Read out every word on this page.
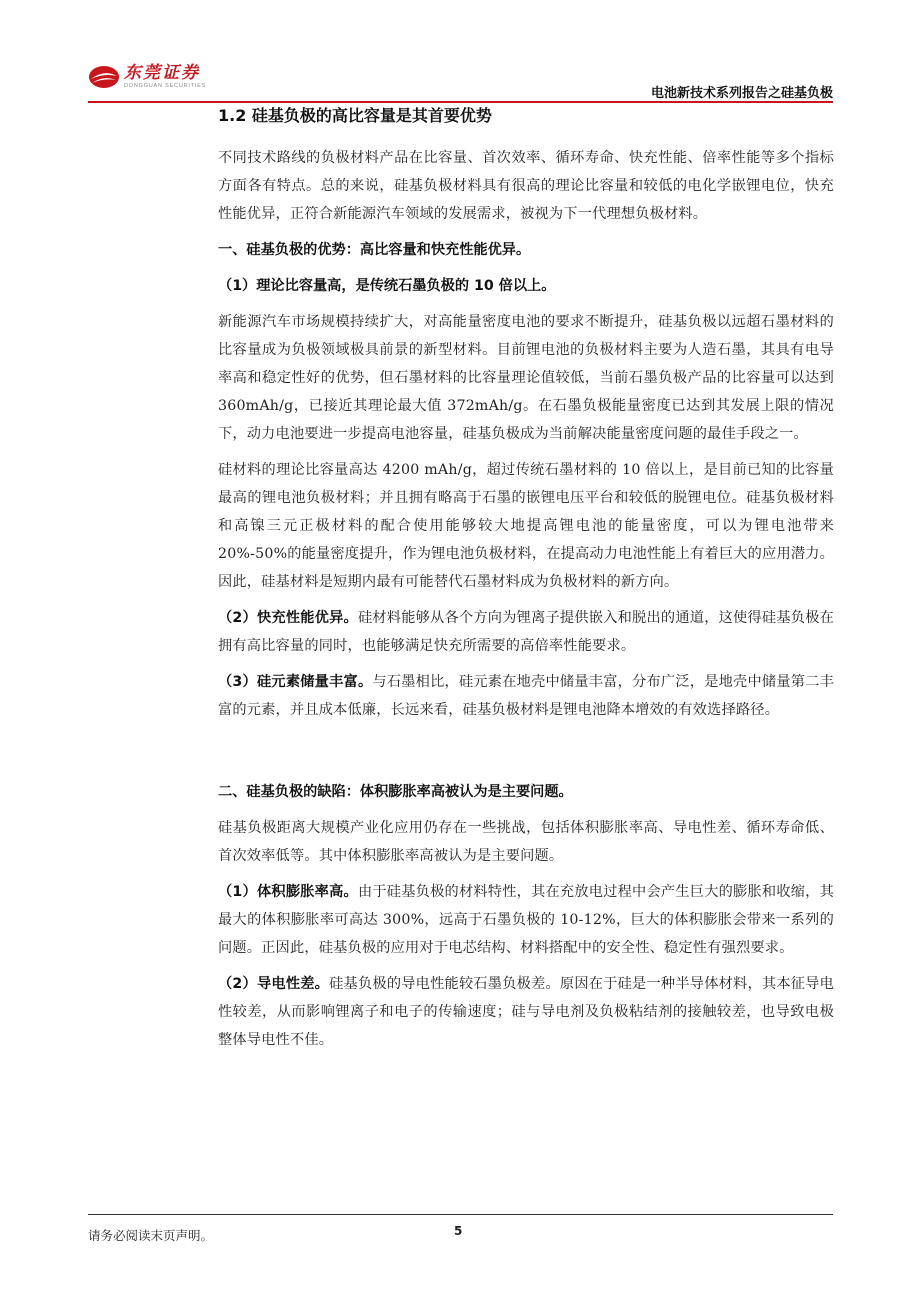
东莞证券
DONGGUAN SECURITIES	电池新技术系列报告之硅基负极
1.2 硅基负极的高比容量是其首要优势

不同技术路线的负极材料产品在比容量、首次效率、循环寿命、快充性能、倍率性能等多个指标方面各有特点。总的来说，硅基负极材料具有很高的理论比容量和较低的电化学嵌锂电位，快充性能优异，正符合新能源汽车领域的发展需求，被视为下一代理想负极材料。

一、硅基负极的优势：高比容量和快充性能优异。
（1）理论比容量高，是传统石墨负极的 10 倍以上。

新能源汽车市场规模持续扩大，对高能量密度电池的要求不断提升，硅基负极以远超石墨材料的比容量成为负极领域极具前景的新型材料。目前锂电池的负极材料主要为人造石墨，其具有电导率高和稳定性好的优势，但石墨材料的比容量理论值较低，当前石墨负极产品的比容量可以达到 360mAh/g，已接近其理论最大值 372mAh/g。在石墨负极能量密度已达到其发展上限的情况下，动力电池要进一步提高电池容量，硅基负极成为当前解决能量密度问题的最佳手段之一。

硅材料的理论比容量高达 4200 mAh/g，超过传统石墨材料的 10 倍以上，是目前已知的比容量最高的锂电池负极材料；并且拥有略高于石墨的嵌锂电压平台和较低的脱锂电位。硅基负极材料和高镍三元正极材料的配合使用能够较大地提高锂电池的能量密度，可以为锂电池带来 20%-50%的能量密度提升，作为锂电池负极材料，在提高动力电池性能上有着巨大的应用潜力。因此，硅基材料是短期内最有可能替代石墨材料成为负极材料的新方向。

（2）快充性能优异。硅材料能够从各个方向为锂离子提供嵌入和脱出的通道，这使得硅基负极在拥有高比容量的同时，也能够满足快充所需要的高倍率性能要求。

（3）硅元素储量丰富。与石墨相比，硅元素在地壳中储量丰富，分布广泛，是地壳中储量第二丰富的元素，并且成本低廉，长远来看，硅基负极材料是锂电池降本增效的有效选择路径。

二、硅基负极的缺陷：体积膨胀率高被认为是主要问题。

硅基负极距离大规模产业化应用仍存在一些挑战，包括体积膨胀率高、导电性差、循环寿命低、首次效率低等。其中体积膨胀率高被认为是主要问题。

（1）体积膨胀率高。由于硅基负极的材料特性，其在充放电过程中会产生巨大的膨胀和收缩，其最大的体积膨胀率可高达 300%，远高于石墨负极的 10-12%，巨大的体积膨胀会带来一系列的问题。正因此，硅基负极的应用对于电芯结构、材料搭配中的安全性、稳定性有强烈要求。

（2）导电性差。硅基负极的导电性能较石墨负极差。原因在于硅是一种半导体材料，其本征导电性较差，从而影响锂离子和电子的传输速度；硅与导电剂及负极粘结剂的接触较差，也导致电极整体导电性不佳。

请务必阅读末页声明。	5
